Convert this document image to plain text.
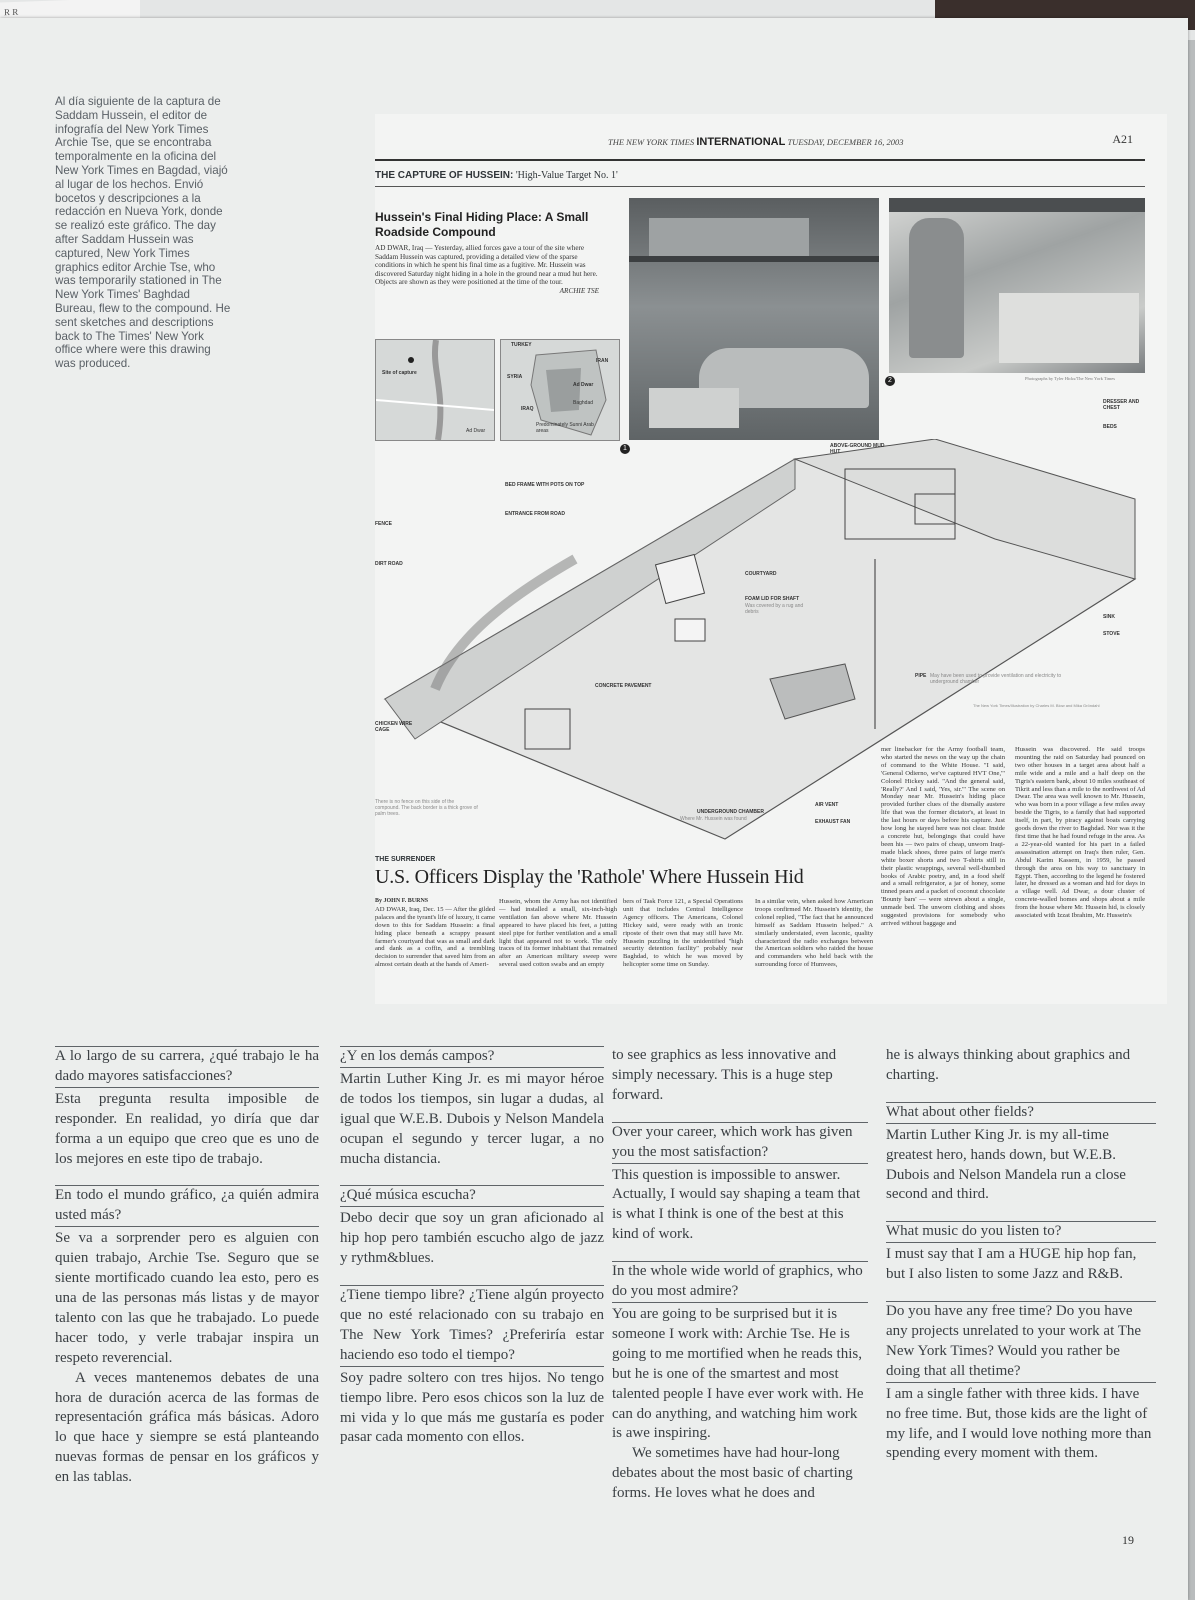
R R

Al día siguiente de la captura de Saddam Hussein, el editor de infografía del New York Times Archie Tse, que se encontraba temporalmente en la oficina del New York Times en Bagdad, viajó al lugar de los hechos. Envió bocetos y descripciones a la redacción en Nueva York, donde se realizó este gráfico. The day after Saddam Hussein was captured, New York Times graphics editor Archie Tse, who was temporarily stationed in The New York Times' Baghdad Bureau, flew to the compound. He sent sketches and descriptions back to The Times' New York office where were this drawing was produced.

THE NEW YORK TIMES INTERNATIONAL TUESDAY, DECEMBER 16, 2003	A21
THE CAPTURE OF HUSSEIN: 'High-Value Target No. 1'
Hussein's Final Hiding Place: A Small Roadside Compound
AD DWAR, Iraq — Yesterday, allied forces gave a tour of the site where Saddam Hussein was captured, providing a detailed view of the sparse conditions in which he spent his final time as a fugitive. Mr. Hussein was discovered Saturday night hiding in a hole in the ground near a mud hut here. Objects are shown as they were positioned at the time of the tour.
ARCHIE TSE
1
2	Photographs by Tyler Hicks/The New York Times
Site of capture
Ad Dwar
TURKEY
IRAN
SYRIA
Ad Dwar
Baghdad
IRAQ
Predominately Sunni Arab areas
BED FRAME WITH POTS ON TOP
ENTRANCE FROM ROAD
FENCE
DIRT ROAD
ABOVE-GROUND MUD HUT
DRESSER AND CHEST
BEDS
COURTYARD
FOAM LID FOR SHAFT
Was covered by a rug and debris
SINK
STOVE
PIPE May have been used to provide ventilation and electricity to underground chamber
CONCRETE PAVEMENT
CHICKEN WIRE CAGE
There is no fence on this side of the compound. The back border is a thick grove of palm trees.	UNDERGROUND CHAMBER
Where Mr. Hussein was found
AIR VENT
EXHAUST FAN
The New York Times/Illustration by Charles M. Blow and Mika Gröndahl
THE SURRENDER
U.S. Officers Display the 'Rathole' Where Hussein Hid

By JOHN F. BURNS

AD DWAR, Iraq, Dec. 15 — After the gilded palaces and the tyrant's life of luxury, it came down to this for Saddam Hussein: a final hiding place beneath a scrappy peasant farmer's courtyard that was as small and dark and dank as a coffin, and a trembling decision to surrender that saved him from an almost certain death at the hands of Ameri-

Hussein, whom the Army has not identified — had installed a small, six-inch-high ventilation fan above where Mr. Hussein appeared to have placed his feet, a jutting steel pipe for further ventilation and a small light that appeared not to work. The only traces of its former inhabitant that remained after an American military sweep were several used cotton swabs and an empty

bers of Task Force 121, a Special Operations unit that includes Central Intelligence Agency officers. The Americans, Colonel Hickey said, were ready with an ironic riposte of their own that may still have Mr. Hussein puzzling in the unidentified "high security detention facility" probably near Baghdad, to which he was moved by helicopter some time on Sunday.

In a similar vein, when asked how American troops confirmed Mr. Hussein's identity, the colonel replied, "The fact that he announced himself as Saddam Hussein helped." A similarly understated, even laconic, quality characterized the radio exchanges between the American soldiers who raided the house and commanders who held back with the surrounding force of Humvees,

mer linebacker for the Army football team, who started the news on the way up the chain of command to the White House. "I said, 'General Odierno, we've captured HVT One,'" Colonel Hickey said. "And the general said, 'Really?' And I said, 'Yes, sir.'" The scene on Monday near Mr. Hussein's hiding place provided further clues of the dismally austere life that was the former dictator's, at least in the last hours or days before his capture. Just how long he stayed here was not clear. Inside a concrete hut, belongings that could have been his — two pairs of cheap, unworn Iraqi-made black shoes, three pairs of large men's white boxer shorts and two T-shirts still in their plastic wrappings, several well-thumbed books of Arabic poetry, and, in a food shelf and a small refrigerator, a jar of honey, some tinned pears and a packet of coconut chocolate 'Bounty bars' — were strewn about a single, unmade bed. The unworn clothing and shoes suggested provisions for somebody who arrived without baggage and

Hussein was discovered. He said troops mounting the raid on Saturday had pounced on two other houses in a target area about half a mile wide and a mile and a half deep on the Tigris's eastern bank, about 10 miles southeast of Tikrit and less than a mile to the northwest of Ad Dwar. The area was well known to Mr. Hussein, who was born in a poor village a few miles away beside the Tigris, to a family that had supported itself, in part, by piracy against boats carrying goods down the river to Baghdad. Nor was it the first time that he had found refuge in the area. As a 22-year-old wanted for his part in a failed assassination attempt on Iraq's then ruler, Gen. Abdul Karim Kassem, in 1959, he passed through the area on his way to sanctuary in Egypt. Then, according to the legend he fostered later, he dressed as a woman and hid for days in a village well. Ad Dwar, a dour cluster of concrete-walled homes and shops about a mile from the house where Mr. Hussein hid, is closely associated with Izzat Ibrahim, Mr. Hussein's

A lo largo de su carrera, ¿qué trabajo le ha dado mayores satisfacciones?

Esta pregunta resulta imposible de responder. En realidad, yo diría que dar forma a un equipo que creo que es uno de los mejores en este tipo de trabajo.

En todo el mundo gráfico, ¿a quién admira usted más?

Se va a sorprender pero es alguien con quien trabajo, Archie Tse. Seguro que se siente mortificado cuando lea esto, pero es una de las personas más listas y de mayor talento con las que he trabajado. Lo puede hacer todo, y verle trabajar inspira un respeto reverencial.

A veces mantenemos debates de una hora de duración acerca de las formas de representación gráfica más básicas. Adoro lo que hace y siempre se está planteando nuevas formas de pensar en los gráficos y en las tablas.

¿Y en los demás campos?

Martin Luther King Jr. es mi mayor héroe de todos los tiempos, sin lugar a dudas, al igual que W.E.B. Dubois y Nelson Mandela ocupan el segundo y tercer lugar, a no mucha distancia.

¿Qué música escucha?

Debo decir que soy un gran aficionado al hip hop pero también escucho algo de jazz y rythm&blues.

¿Tiene tiempo libre? ¿Tiene algún proyecto que no esté relacionado con su trabajo en The New York Times? ¿Preferiría estar haciendo eso todo el tiempo?

Soy padre soltero con tres hijos. No tengo tiempo libre. Pero esos chicos son la luz de mi vida y lo que más me gustaría es poder pasar cada momento con ellos.

to see graphics as less innovative and simply necessary. This is a huge step forward.

Over your career, which work has given you the most satisfaction?

This question is impossible to answer. Actually, I would say shaping a team that is what I think is one of the best at this kind of work.

In the whole wide world of graphics, who do you most admire?

You are going to be surprised but it is someone I work with: Archie Tse. He is going to me mortified when he reads this, but he is one of the smartest and most talented people I have ever work with. He can do anything, and watching him work is awe inspiring.

We sometimes have had hour-long debates about the most basic of charting forms. He loves what he does and

he is always thinking about graphics and charting.

What about other fields?

Martin Luther King Jr. is my all-time greatest hero, hands down, but W.E.B. Dubois and Nelson Mandela run a close second and third.

What music do you listen to?

I must say that I am a HUGE hip hop fan, but I also listen to some Jazz and R&B.

Do you have any free time? Do you have any projects unrelated to your work at The New York Times? Would you rather be doing that all thetime?

I am a single father with three kids. I have no free time. But, those kids are the light of my life, and I would love nothing more than spending every moment with them.

19
